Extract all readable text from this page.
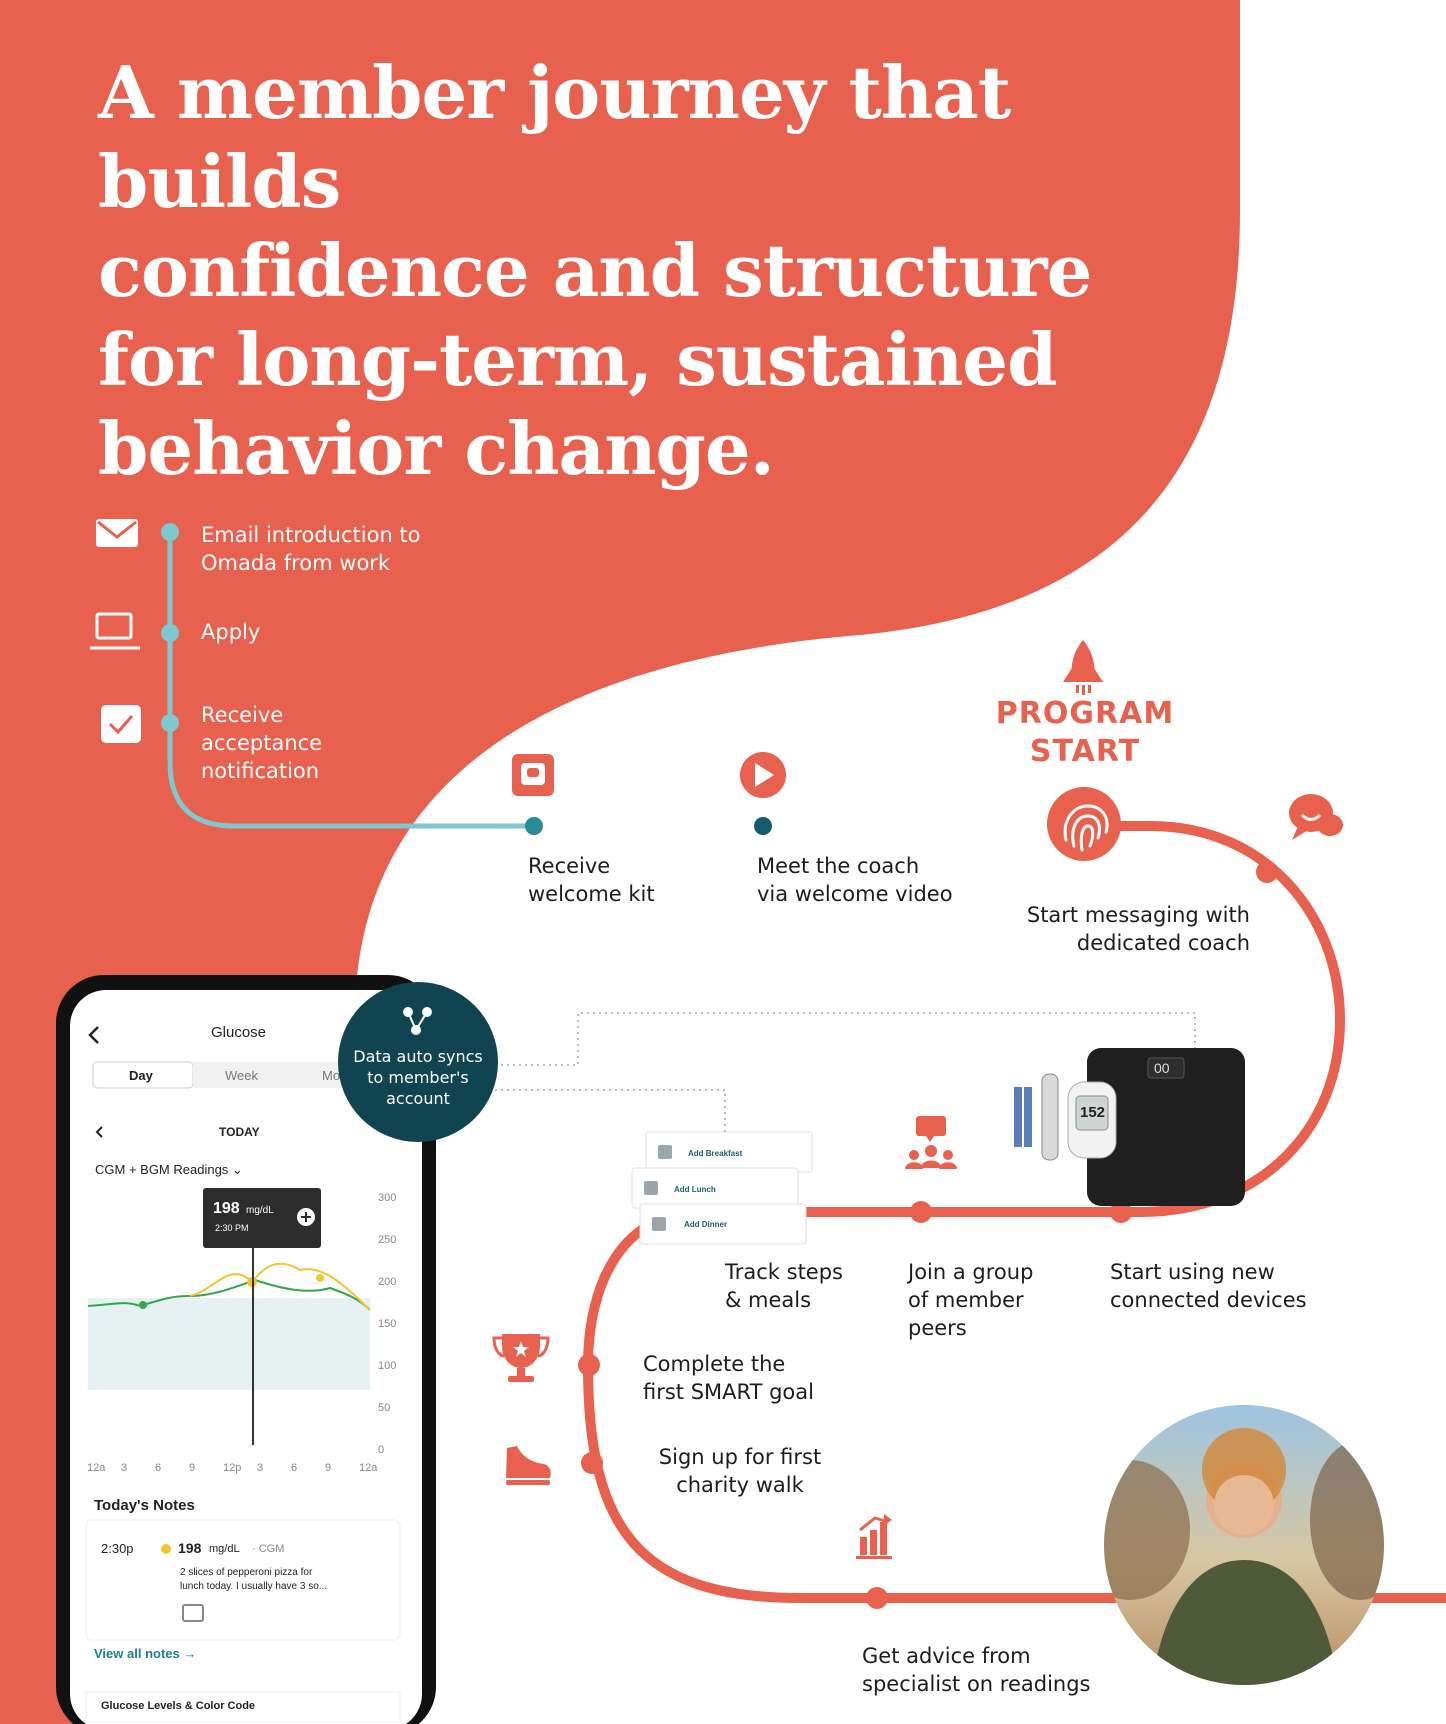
A member journey that builds
confidence and structure
for long-term, sustained
behavior change.
Email introduction to
Omada from work
Apply
Receive
acceptance
notification
Receive
welcome kit
Meet the coach
via welcome video
PROGRAM
START
Start messaging with
dedicated coach
Start using new
connected devices
Join a group
of member
peers
Track steps
& meals
Complete the
first SMART goal
Sign up for first
charity walk
Get advice from
specialist on readings
Data auto syncs
to member's
account
Add Breakfast
Add Lunch
Add Dinner
00
152
Glucose
Day	Week	Mo
TODAY
CGM + BGM Readings ⌄
198 mg/dL
2:30 PM
300
250
200
150
100
50
0
12a 3	6	9	12p 3	6	9	12a
Today's Notes
2:30p	198 mg/dL · CGM
2 slices of pepperoni pizza for
lunch today. I usually have 3 so...
View all notes →
Glucose Levels & Color Code
